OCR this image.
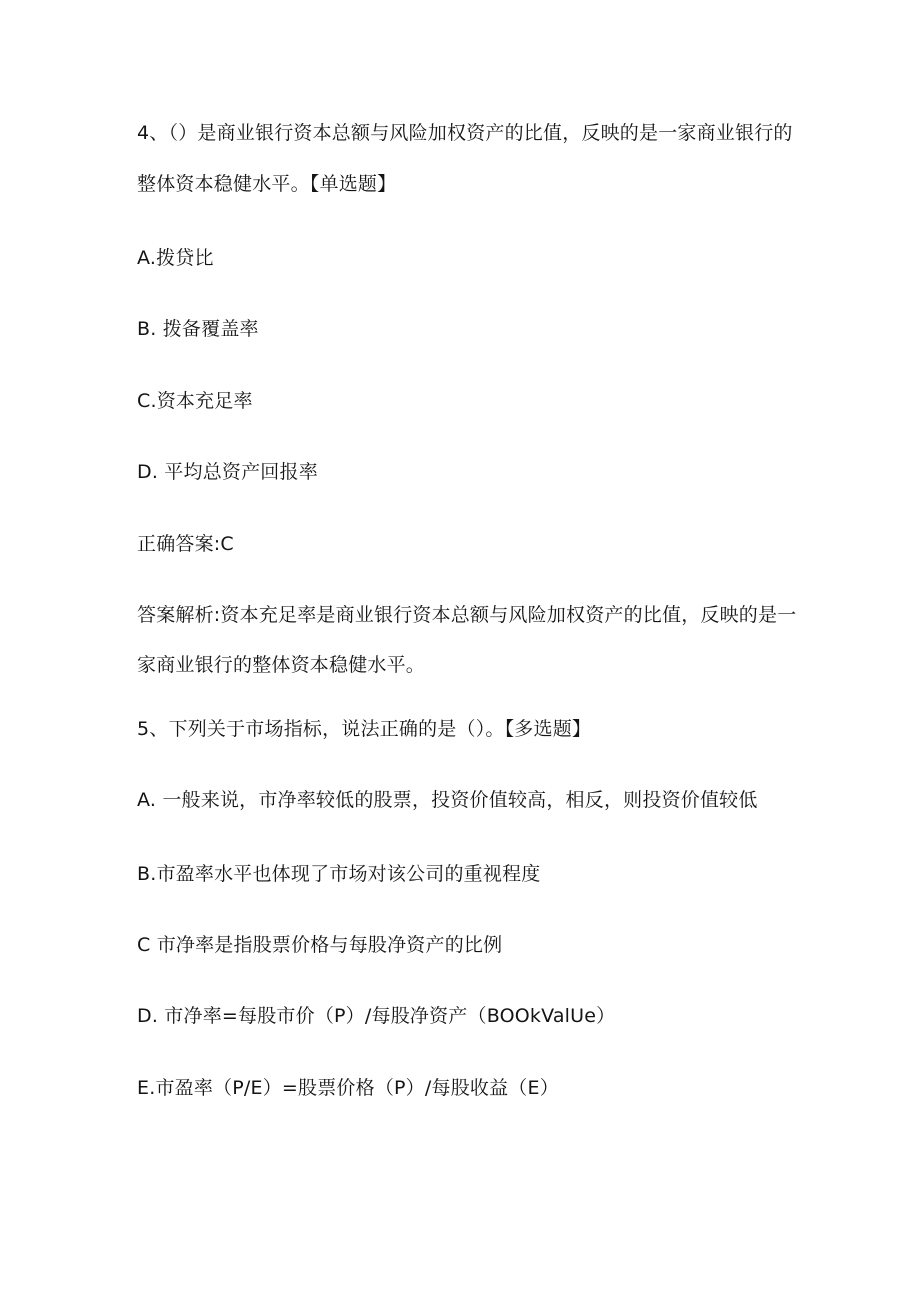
4、（）是商业银行资本总额与风险加权资产的比值，反映的是一家商业银行的
整体资本稳健水平。【单选题】
A.拨贷比
B. 拨备覆盖率
C.资本充足率
D. 平均总资产回报率
正确答案:C
答案解析:资本充足率是商业银行资本总额与风险加权资产的比值，反映的是一
家商业银行的整体资本稳健水平。
5、下列关于市场指标，说法正确的是（）。【多选题】
A. 一般来说，市净率较低的股票，投资价值较高，相反，则投资价值较低
B.市盈率水平也体现了市场对该公司的重视程度
C 市净率是指股票价格与每股净资产的比例
D. 市净率=每股市价（P）/每股净资产（BOOkValUe）
E.市盈率（P/E）=股票价格（P）/每股收益（E）
